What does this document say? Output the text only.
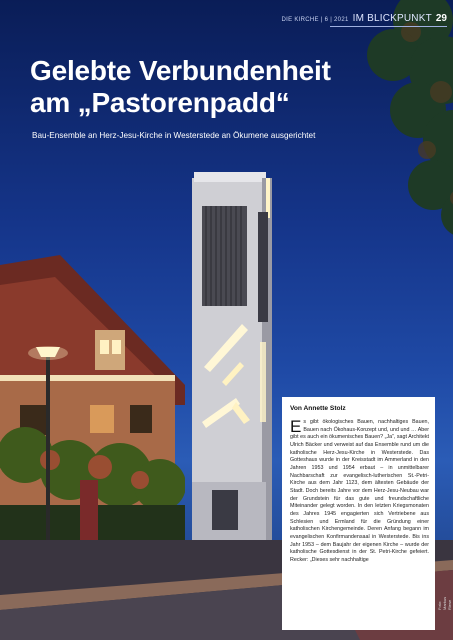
DIE KIRCHE | 6 | 2021 IM BLICKPUNKT 29
Gelebte Verbundenheit
am „Pastorenpadd“
Bau-Ensemble an Herz-Jesu-Kirche in Westerstede an Ökumene ausgerichtet
Von Annette Stolz
E s gibt ökologisches Bauen, nachhaltiges Bauen, Bauen nach Ökohaus-Konzept und, und und … Aber gibt es auch ein ökumenisches Bauen? „Ja“, sagt Architekt Ulrich Bäcker und verweist auf das Ensemble rund um die katholische Herz-Jesu-Kirche in Westerstede. Das Gotteshaus wurde in der Kreisstadt im Ammerland in den Jahren 1953 und 1954 erbaut – in unmittelbarer Nachbarschaft zur evangelisch-lutherischen St.-Petri-Kirche aus dem Jahr 1123, dem ältesten Gebäude der Stadt. Doch bereits Jahre vor dem Herz-Jesu-Neubau war der Grundstein für das gute und freundschaftliche Miteinander gelegt worden. In den letzten Kriegsmonaten des Jahres 1945 engagierten sich Vertriebene aus Schlesien und Ermland für die Gründung einer katholischen Kirchengemeinde. Deren Anfang begann im evangelischen Konfirmandensaal in Westerstede. Bis ins Jahr 1953 – dem Baujahr der eigenen Kirche – wurde der katholische Gottesdienst in der St. Petri-Kirche gefeiert. Recker: „Dieses sehr nachhaltige
Foto: Markus Riese
